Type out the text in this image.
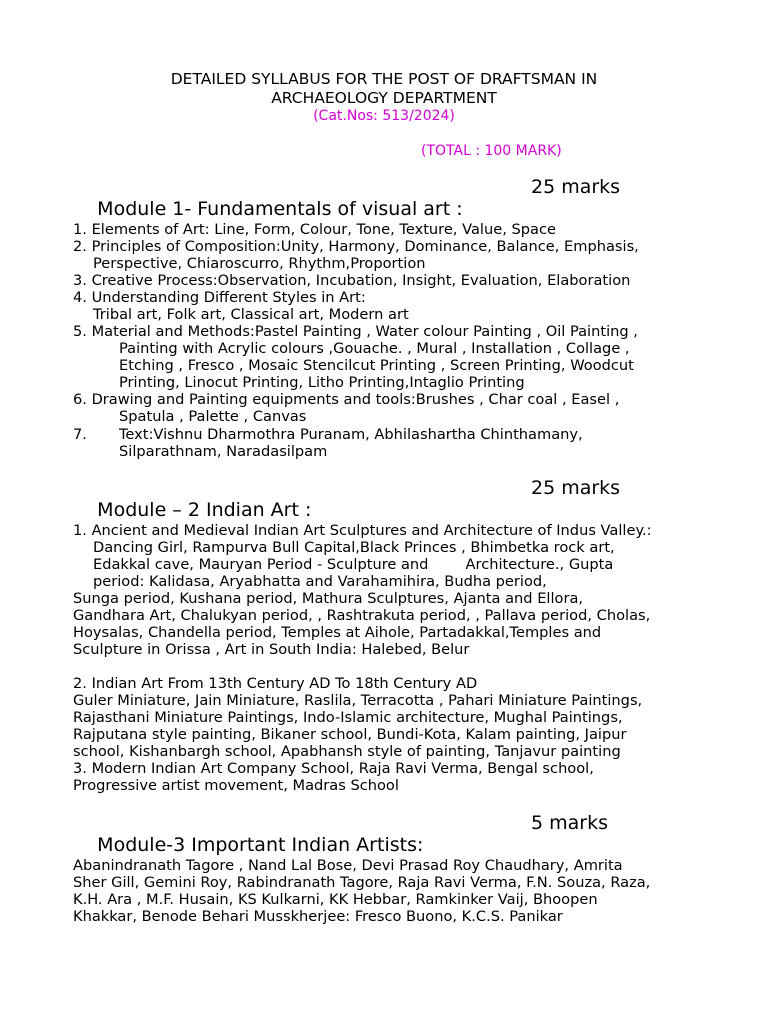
DETAILED SYLLABUS FOR THE POST OF DRAFTSMAN IN
ARCHAEOLOGY DEPARTMENT
(Cat.Nos: 513/2024)
(TOTAL : 100 MARK)

Module 1- Fundamentals of visual art :

25 marks

1. Elements of Art: Line, Form, Colour, Tone, Texture, Value, Space
2. Principles of Composition:Unity, Harmony, Dominance, Balance, Emphasis,
Perspective, Chiaroscurro, Rhythm,Proportion
3. Creative Process:Observation, Incubation, Insight, Evaluation, Elaboration
4. Understanding Different Styles in Art:
Tribal art, Folk art, Classical art, Modern art
5. Material and Methods:Pastel Painting , Water colour Painting , Oil Painting ,
Painting with Acrylic colours ,Gouache. , Mural , Installation , Collage ,
Etching , Fresco , Mosaic Stencilcut Printing , Screen Printing, Woodcut
Printing, Linocut Printing, Litho Printing,Intaglio Printing
6. Drawing and Painting equipments and tools:Brushes , Char coal , Easel ,
Spatula , Palette , Canvas
7. Text:Vishnu Dharmothra Puranam, Abhilashartha Chinthamany,
Silparathnam, Naradasilpam

Module – 2 Indian Art :

25 marks

1. Ancient and Medieval Indian Art Sculptures and Architecture of Indus Valley.:
Dancing Girl, Rampurva Bull Capital,Black Princes , Bhimbetka rock art,
Edakkal cave, Mauryan Period - Sculpture and        Architecture., Gupta
period: Kalidasa, Aryabhatta and Varahamihira, Budha period,
Sunga period, Kushana period, Mathura Sculptures, Ajanta and Ellora,
Gandhara Art, Chalukyan period, , Rashtrakuta period, , Pallava period, Cholas,
Hoysalas, Chandella period, Temples at Aihole, Partadakkal,Temples and
Sculpture in Orissa , Art in South India: Halebed, Belur
2. Indian Art From 13th Century AD To 18th Century AD
Guler Miniature, Jain Miniature, Raslila, Terracotta , Pahari Miniature Paintings,
Rajasthani Miniature Paintings, Indo-Islamic architecture, Mughal Paintings,
Rajputana style painting, Bikaner school, Bundi-Kota, Kalam painting, Jaipur
school, Kishanbargh school, Apabhansh style of painting, Tanjavur painting
3. Modern Indian Art Company School, Raja Ravi Verma, Bengal school,
Progressive artist movement, Madras School

Module-3 Important Indian Artists:

5 marks

Abanindranath Tagore , Nand Lal Bose, Devi Prasad Roy Chaudhary, Amrita
Sher Gill, Gemini Roy, Rabindranath Tagore, Raja Ravi Verma, F.N. Souza, Raza,
K.H. Ara , M.F. Husain, KS Kulkarni, KK Hebbar, Ramkinker Vaij, Bhoopen
Khakkar, Benode Behari Musskherjee: Fresco Buono, K.C.S. Panikar
